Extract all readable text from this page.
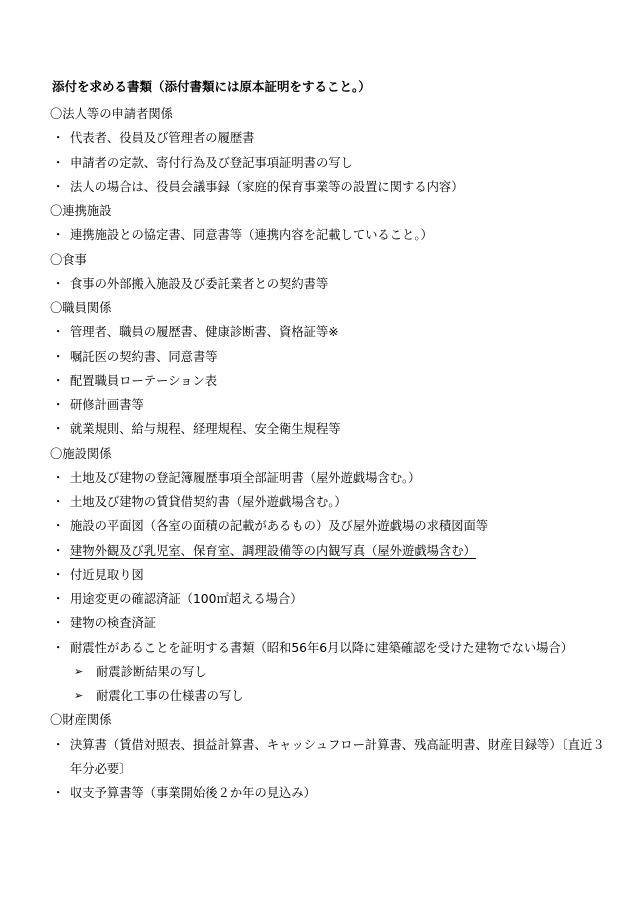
添付を求める書類（添付書類には原本証明をすること。）
〇法人等の申請者関係
・ 代表者、役員及び管理者の履歴書
・ 申請者の定款、寄付行為及び登記事項証明書の写し
・ 法人の場合は、役員会議事録（家庭的保育事業等の設置に関する内容）
〇連携施設
・ 連携施設との協定書、同意書等（連携内容を記載していること。）
〇食事
・ 食事の外部搬入施設及び委託業者との契約書等
〇職員関係
・ 管理者、職員の履歴書、健康診断書、資格証等※
・ 嘱託医の契約書、同意書等
・ 配置職員ローテーション表
・ 研修計画書等
・ 就業規則、給与規程、経理規程、安全衛生規程等
〇施設関係
・ 土地及び建物の登記簿履歴事項全部証明書（屋外遊戯場含む。）
・ 土地及び建物の賃貸借契約書（屋外遊戯場含む。）
・ 施設の平面図（各室の面積の記載があるもの）及び屋外遊戯場の求積図面等
・ 建物外観及び乳児室、保育室、調理設備等の内観写真（屋外遊戯場含む）
・ 付近見取り図
・ 用途変更の確認済証（100㎡超える場合）
・ 建物の検査済証
・ 耐震性があることを証明する書類（昭和56年6月以降に建築確認を受けた建物でない場合）
➢ 耐震診断結果の写し
➢ 耐震化工事の仕様書の写し
〇財産関係
・ 決算書（賃借対照表、損益計算書、キャッシュフロー計算書、残高証明書、財産目録等）〔直近３
年分必要〕
・ 収支予算書等（事業開始後２か年の見込み）
